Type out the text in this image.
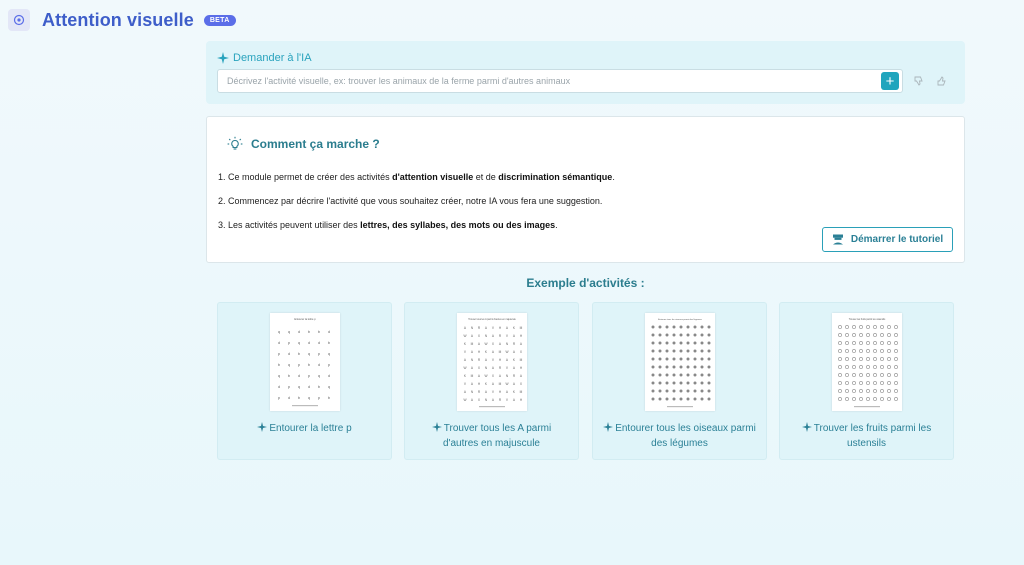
Attention visuelle	BETA
Demander à l'IA
Décrivez l'activité visuelle, ex: trouver les animaux de la ferme parmi d'autres animaux
+
Comment ça marche ?
1. Ce module permet de créer des activités d'attention visuelle et de discrimination sémantique.
2. Commencez par décrire l'activité que vous souhaitez créer, notre IA vous fera une suggestion.
3. Les activités peuvent utiliser des lettres, des syllabes, des mots ou des images.
Démarrer le tutoriel
Exemple d'activités :
Entourer la lettre p
q q d b b d
d p q d d b
p d b q p q
b q p b d p
q b d p q d
d p q d b q
p d b q p b
Entourer la lettre p
Trouver tous les A parmi d'autres en majuscule
A N R A V H A K M
W A X N A R V A H
K M A W X A N R A
V A H K A M W A X
A N R A V H A K M
W A X N A R V A H
K M A W X A N R A
V A H K A M W A X
A N R A V H A K M
W A X N A R V A H
Trouver tous les A parmi d'autres en majuscule
Entourer tous les oiseaux parmi des légumes
Entourer tous les oiseaux parmi des légumes
Trouver les fruits parmi les ustensils
Trouver les fruits parmi les ustensils
